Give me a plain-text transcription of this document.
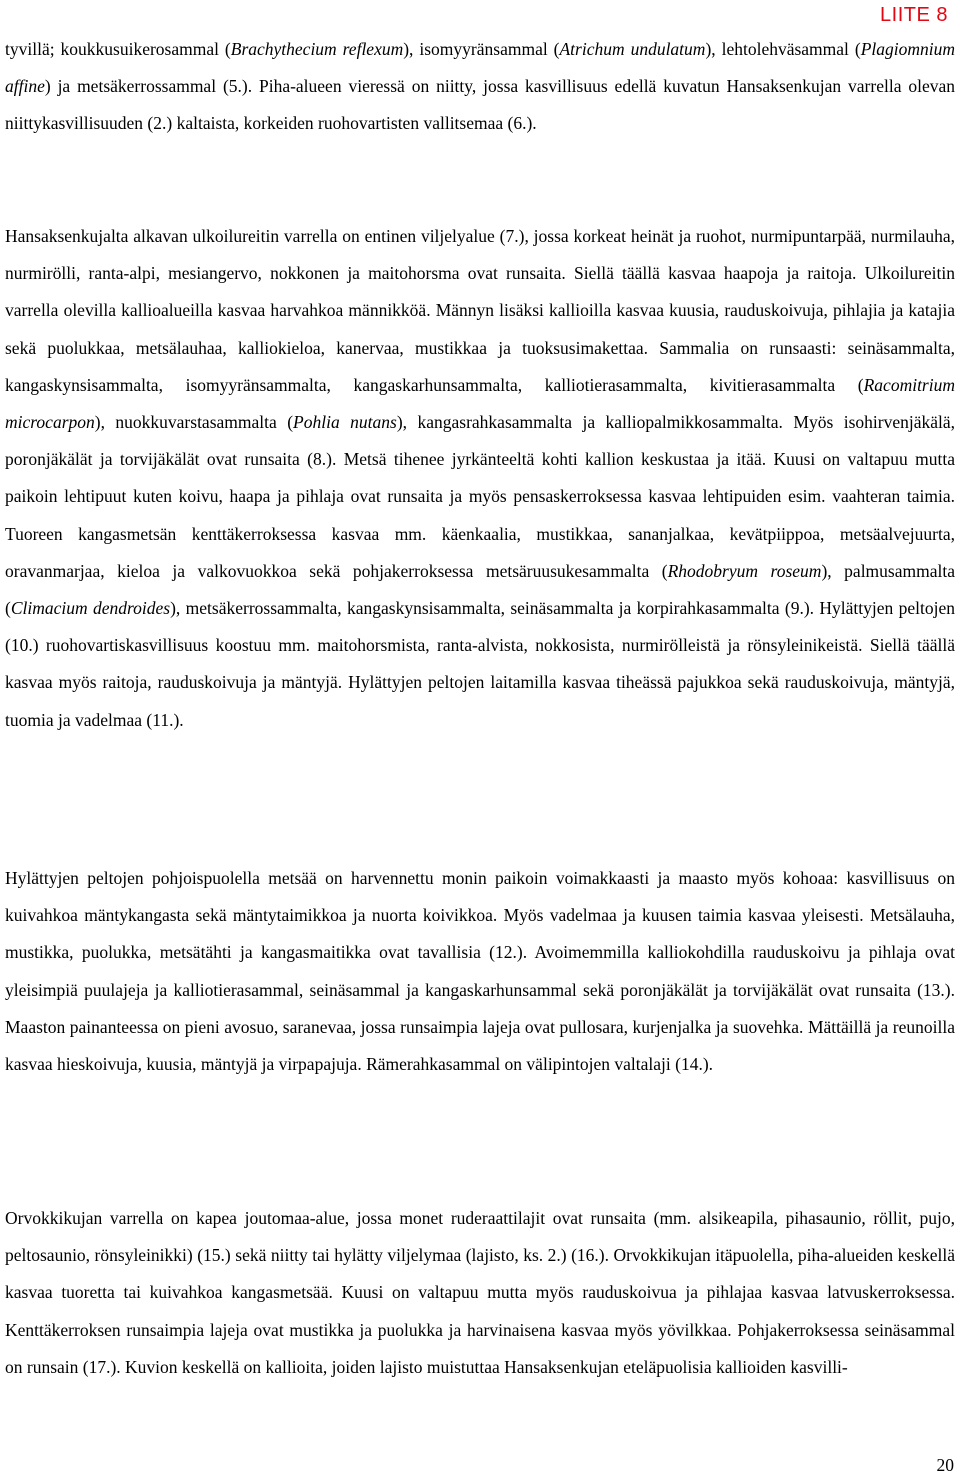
LIITE 8

tyvillä; koukkusuikerosammal (Brachythecium reflexum), isomyyränsammal (Atrichum undulatum), lehtolehväsammal (Plagiomnium affine) ja metsäkerrossammal (5.). Piha-alueen vieressä on niitty, jossa kasvillisuus edellä kuvatun Hansaksenkujan varrella olevan niittykasvillisuuden (2.) kaltaista, korkeiden ruohovartisten vallitsemaa (6.).

Hansaksenkujalta alkavan ulkoilureitin varrella on entinen viljelyalue (7.), jossa korkeat heinät ja ruohot, nurmipuntarpää, nurmilauha, nurmirölli, ranta-alpi, mesiangervo, nokkonen ja maitohorsma ovat runsaita. Siellä täällä kasvaa haapoja ja raitoja. Ulkoilureitin varrella olevilla kallioalueilla kasvaa harvahkoa männikköä. Männyn lisäksi kallioilla kasvaa kuusia, rauduskoivuja, pihlajia ja katajia sekä puolukkaa, metsälauhaa, kalliokieloa, kanervaa, mustikkaa ja tuoksusimakettaa. Sammalia on runsaasti: seinäsammalta, kangaskynsisammalta, isomyyränsammalta, kangaskarhunsammalta, kalliotierasammalta, kivitierasammalta (Racomitrium microcarpon), nuokkuvarstasammalta (Pohlia nutans), kangasrahkasammalta ja kalliopalmikkosammalta. Myös isohirvenjäkälä, poronjäkälät ja torvijäkälät ovat runsaita (8.). Metsä tihenee jyrkänteeltä kohti kallion keskustaa ja itää. Kuusi on valtapuu mutta paikoin lehtipuut kuten koivu, haapa ja pihlaja ovat runsaita ja myös pensaskerroksessa kasvaa lehtipuiden esim. vaahteran taimia. Tuoreen kangasmetsän kenttäkerroksessa kasvaa mm. käenkaalia, mustikkaa, sananjalkaa, kevätpiippoa, metsäalvejuurta, oravanmarjaa, kieloa ja valkovuokkoa sekä pohjakerroksessa metsäruusukesammalta (Rhodobryum roseum), palmusammalta (Climacium dendroides), metsäkerrossammalta, kangaskynsisammalta, seinäsammalta ja korpirahkasammalta (9.). Hylättyjen peltojen (10.) ruohovartiskasvillisuus koostuu mm. maitohorsmista, ranta-alvista, nokkosista, nurmirölleistä ja rönsyleinikeistä. Siellä täällä kasvaa myös raitoja, rauduskoivuja ja mäntyjä. Hylättyjen peltojen laitamilla kasvaa tiheässä pajukkoa sekä rauduskoivuja, mäntyjä, tuomia ja vadelmaa (11.).

Hylättyjen peltojen pohjoispuolella metsää on harvennettu monin paikoin voimakkaasti ja maasto myös kohoaa: kasvillisuus on kuivahkoa mäntykangasta sekä mäntytaimikkoa ja nuorta koivikkoa. Myös vadelmaa ja kuusen taimia kasvaa yleisesti. Metsälauha, mustikka, puolukka, metsätähti ja kangasmaitikka ovat tavallisia (12.). Avoimemmilla kalliokohdilla rauduskoivu ja pihlaja ovat yleisimpiä puulajeja ja kalliotierasammal, seinäsammal ja kangaskarhunsammal sekä poronjäkälät ja torvijäkälät ovat runsaita (13.). Maaston painanteessa on pieni avosuo, saranevaa, jossa runsaimpia lajeja ovat pullosara, kurjenjalka ja suovehka. Mättäillä ja reunoilla kasvaa hieskoivuja, kuusia, mäntyjä ja virpapajuja. Rämerahkasammal on välipintojen valtalaji (14.).

Orvokkikujan varrella on kapea joutomaa-alue, jossa monet ruderaattilajit ovat runsaita (mm. alsikeapila, pihasaunio, röllit, pujo, peltosaunio, rönsyleinikki) (15.) sekä niitty tai hylätty viljelymaa (lajisto, ks. 2.) (16.). Orvokkikujan itäpuolella, piha-alueiden keskellä kasvaa tuoretta tai kuivahkoa kangasmetsää. Kuusi on valtapuu mutta myös rauduskoivua ja pihlajaa kasvaa latvuskerroksessa. Kenttäkerroksen runsaimpia lajeja ovat mustikka ja puolukka ja harvinaisena kasvaa myös yövilkkaa. Pohjakerroksessa seinäsammal on runsain (17.). Kuvion keskellä on kallioita, joiden lajisto muistuttaa Hansaksenkujan eteläpuolisia kallioiden kasvilli-

20
